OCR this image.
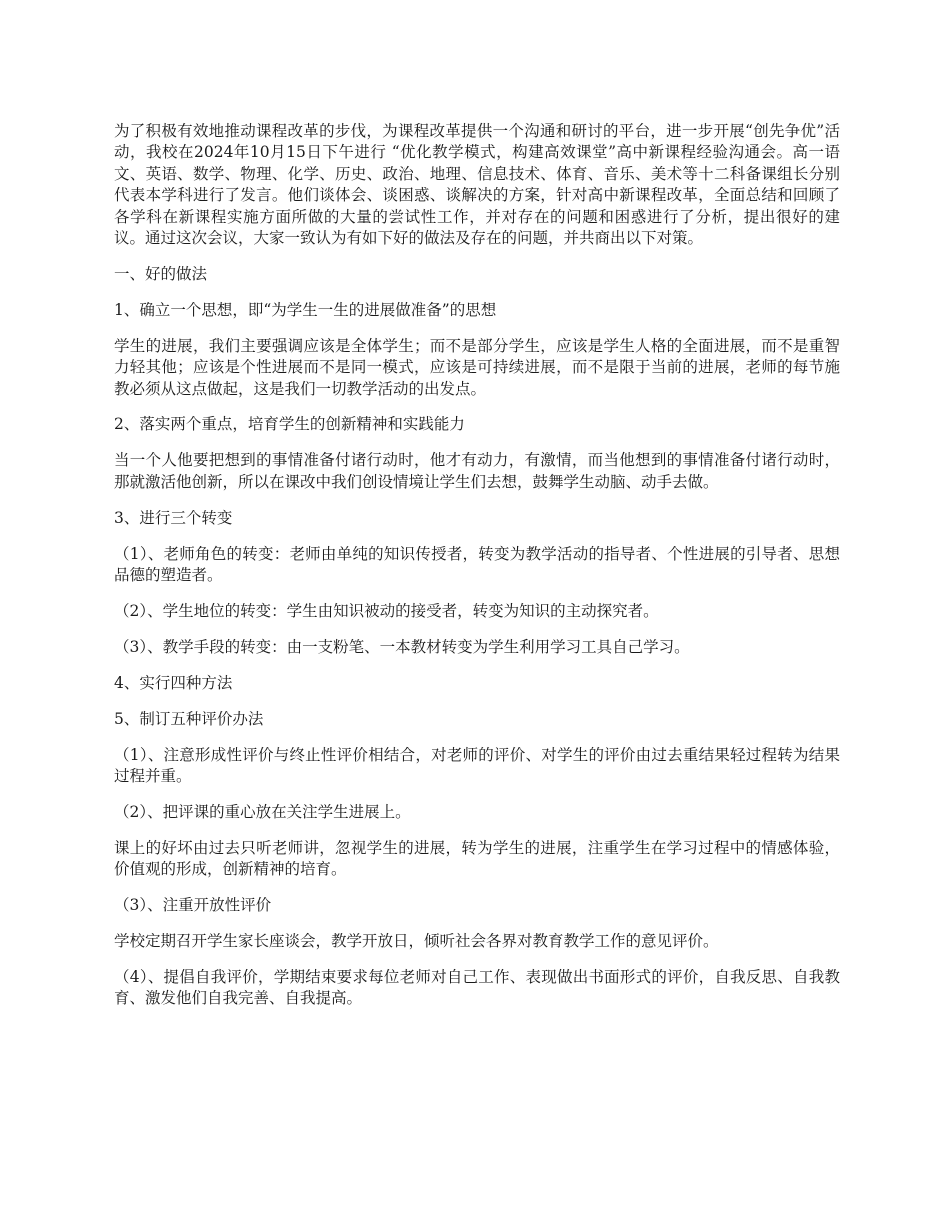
为了积极有效地推动课程改革的步伐，为课程改革提供一个沟通和研讨的平台，进一步开展“创先争优”活动，我校在2024年10月15日下午进行 “优化教学模式，构建高效课堂”高中新课程经验沟通会。高一语文、英语、数学、物理、化学、历史、政治、地理、信息技术、体育、音乐、美术等十二科备课组长分别代表本学科进行了发言。他们谈体会、谈困惑、谈解决的方案，针对高中新课程改革，全面总结和回顾了各学科在新课程实施方面所做的大量的尝试性工作，并对存在的问题和困惑进行了分析，提出很好的建议。通过这次会议，大家一致认为有如下好的做法及存在的问题，并共商出以下对策。

一、好的做法

1、确立一个思想，即“为学生一生的进展做准备”的思想

学生的进展，我们主要强调应该是全体学生；而不是部分学生，应该是学生人格的全面进展，而不是重智力轻其他；应该是个性进展而不是同一模式，应该是可持续进展，而不是限于当前的进展，老师的每节施教必须从这点做起，这是我们一切教学活动的出发点。

2、落实两个重点，培育学生的创新精神和实践能力

当一个人他要把想到的事情准备付诸行动时，他才有动力，有激情，而当他想到的事情准备付诸行动时，那就激活他创新，所以在课改中我们创设情境让学生们去想，鼓舞学生动脑、动手去做。

3、进行三个转变

（1）、老师角色的转变：老师由单纯的知识传授者，转变为教学活动的指导者、个性进展的引导者、思想品德的塑造者。

（2）、学生地位的转变：学生由知识被动的接受者，转变为知识的主动探究者。

（3）、教学手段的转变：由一支粉笔、一本教材转变为学生利用学习工具自己学习。

4、实行四种方法

5、制订五种评价办法

（1）、注意形成性评价与终止性评价相结合，对老师的评价、对学生的评价由过去重结果轻过程转为结果过程并重。

（2）、把评课的重心放在关注学生进展上。

课上的好坏由过去只听老师讲，忽视学生的进展，转为学生的进展，注重学生在学习过程中的情感体验，价值观的形成，创新精神的培育。

（3）、注重开放性评价

学校定期召开学生家长座谈会，教学开放日，倾听社会各界对教育教学工作的意见评价。

（4）、提倡自我评价，学期结束要求每位老师对自己工作、表现做出书面形式的评价，自我反思、自我教育、激发他们自我完善、自我提高。
